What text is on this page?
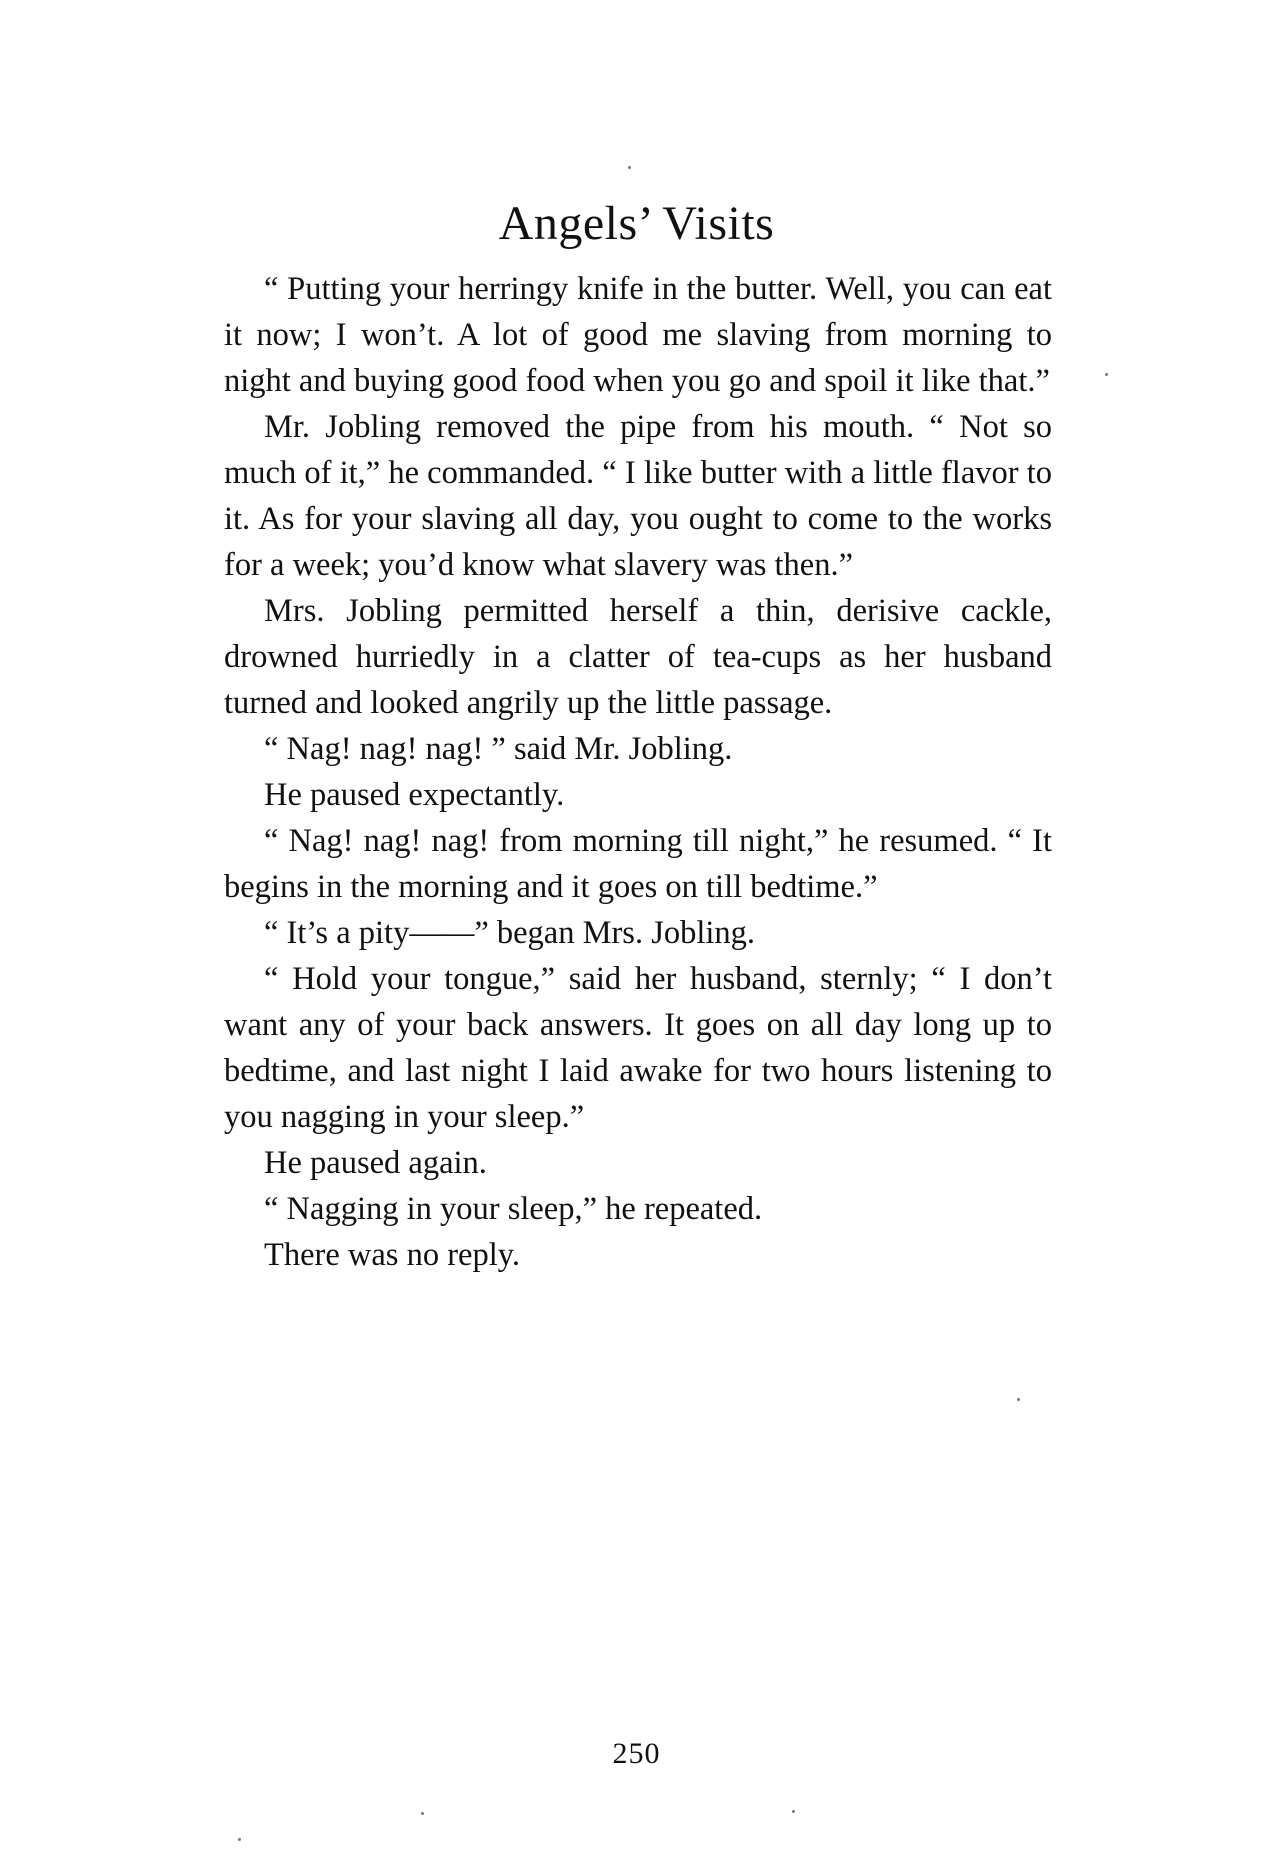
Angels’ Visits

“ Putting your herringy knife in the butter. Well, you can eat it now; I won’t. A lot of good me slaving from morning to night and buying good food when you go and spoil it like that.”

Mr. Jobling removed the pipe from his mouth. “ Not so much of it,” he commanded. “ I like butter with a little flavor to it. As for your slaving all day, you ought to come to the works for a week; you’d know what slavery was then.”

Mrs. Jobling permitted herself a thin, derisive cackle, drowned hurriedly in a clatter of tea-cups as her husband turned and looked angrily up the little passage.

“ Nag! nag! nag! ” said Mr. Jobling.

He paused expectantly.

“ Nag! nag! nag! from morning till night,” he resumed. “ It begins in the morning and it goes on till bedtime.”

“ It’s a pity——” began Mrs. Jobling.

“ Hold your tongue,” said her husband, sternly; “ I don’t want any of your back answers. It goes on all day long up to bedtime, and last night I laid awake for two hours listening to you nagging in your sleep.”

He paused again.

“ Nagging in your sleep,” he repeated.

There was no reply.

250
